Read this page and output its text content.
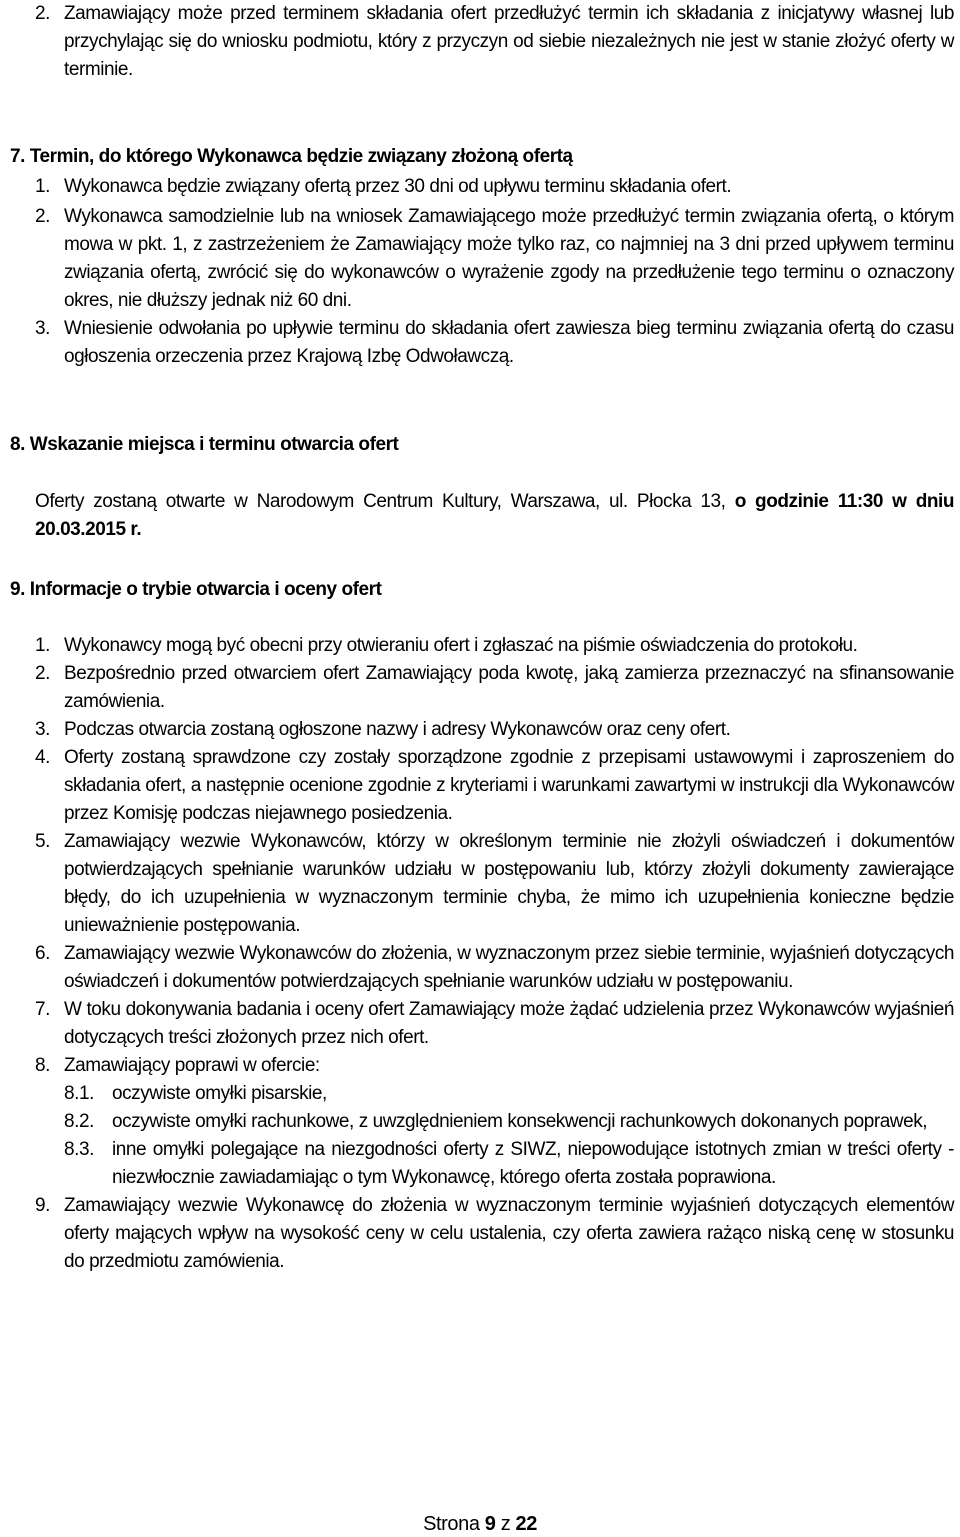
2. Zamawiający może przed terminem składania ofert przedłużyć termin ich składania z inicjatywy własnej lub przychylając się do wniosku podmiotu, który z przyczyn od siebie niezależnych nie jest w stanie złożyć oferty w terminie.
7. Termin, do którego Wykonawca będzie związany złożoną ofertą
1. Wykonawca będzie związany ofertą przez 30 dni od upływu terminu składania ofert.
2. Wykonawca samodzielnie lub na wniosek Zamawiającego może przedłużyć termin związania ofertą, o którym mowa w pkt. 1, z zastrzeżeniem że Zamawiający może tylko raz, co najmniej na 3 dni przed upływem terminu związania ofertą, zwrócić się do wykonawców o wyrażenie zgody na przedłużenie tego terminu o oznaczony okres, nie dłuższy jednak niż 60 dni.
3. Wniesienie odwołania po upływie terminu do składania ofert zawiesza bieg terminu związania ofertą do czasu ogłoszenia orzeczenia przez Krajową Izbę Odwoławczą.
8. Wskazanie miejsca i terminu otwarcia ofert
Oferty zostaną otwarte w Narodowym Centrum Kultury, Warszawa, ul. Płocka 13, o godzinie 11:30 w dniu 20.03.2015 r.
9. Informacje o trybie otwarcia i oceny ofert
1. Wykonawcy mogą być obecni przy otwieraniu ofert i zgłaszać na piśmie oświadczenia do protokołu.
2. Bezpośrednio przed otwarciem ofert Zamawiający poda kwotę, jaką zamierza przeznaczyć na sfinansowanie zamówienia.
3. Podczas otwarcia zostaną ogłoszone nazwy i adresy Wykonawców oraz ceny ofert.
4. Oferty zostaną sprawdzone czy zostały sporządzone zgodnie z przepisami ustawowymi i zaproszeniem do składania ofert, a następnie ocenione zgodnie z kryteriami i warunkami zawartymi w instrukcji dla Wykonawców przez Komisję podczas niejawnego posiedzenia.
5. Zamawiający wezwie Wykonawców, którzy w określonym terminie nie złożyli oświadczeń i dokumentów potwierdzających spełnianie warunków udziału w postępowaniu lub, którzy złożyli dokumenty zawierające błędy, do ich uzupełnienia w wyznaczonym terminie chyba, że mimo ich uzupełnienia konieczne będzie unieważnienie postępowania.
6. Zamawiający wezwie Wykonawców do złożenia, w wyznaczonym przez siebie terminie, wyjaśnień dotyczących oświadczeń i dokumentów potwierdzających spełnianie warunków udziału w postępowaniu.
7. W toku dokonywania badania i oceny ofert Zamawiający może żądać udzielenia przez Wykonawców wyjaśnień dotyczących treści złożonych przez nich ofert.
8. Zamawiający poprawi w ofercie:
8.1. oczywiste omyłki pisarskie,
8.2. oczywiste omyłki rachunkowe, z uwzględnieniem konsekwencji rachunkowych dokonanych poprawek,
8.3. inne omyłki polegające na niezgodności oferty z SIWZ, niepowodujące istotnych zmian w treści oferty - niezwłocznie zawiadamiając o tym Wykonawcę, którego oferta została poprawiona.
9. Zamawiający wezwie Wykonawcę do złożenia w wyznaczonym terminie wyjaśnień dotyczących elementów oferty mających wpływ na wysokość ceny w celu ustalenia, czy oferta zawiera rażąco niską cenę w stosunku do przedmiotu zamówienia.
Strona 9 z 22
